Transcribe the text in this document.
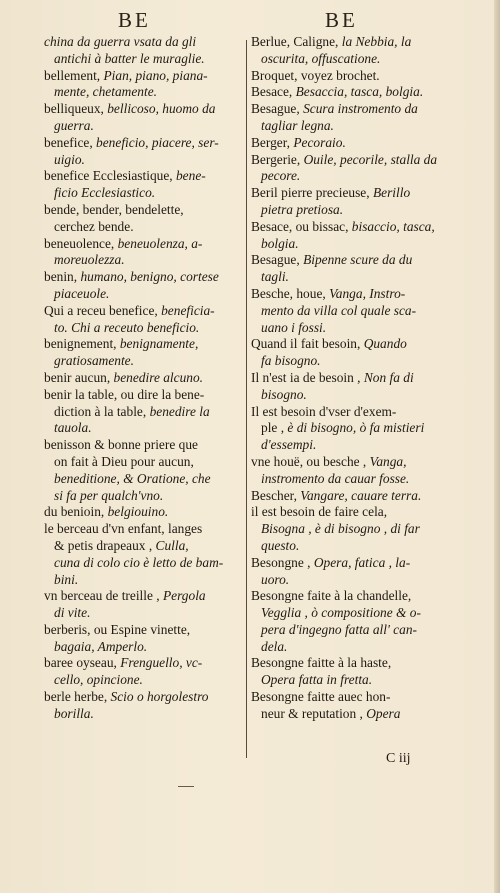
BE	BE

china da guerra vsata da gli
antichi à batter le muraglie.

bellement, Pian, piano, piana-
mente, chetamente.

belliqueux, bellicoso, huomo da
guerra.

benefice, beneficio, piacere, ser-
uigio.

benefice Ecclesiastique, bene-
ficio Ecclesiastico.

bende, bender, bendelette,
cerchez bende.

beneuolence, beneuolenza, a-
moreuolezza.

benin, humano, benigno, cortese
piaceuole.

Qui a receu benefice, beneficia-
to. Chi a receuto beneficio.

benignement, benignamente,
gratiosamente.

benir aucun, benedire alcuno.

benir la table, ou dire la bene-
diction à la table, benedire la
tauola.

benisson & bonne priere que
on fait à Dieu pour aucun,
beneditione, & Oratione, che
si fa per qualch'vno.

du benioin, belgiouino.

le berceau d'vn enfant, langes
& petis drapeaux , Culla,
cuna di colo cio è letto de bam-
bini.

vn berceau de treille , Pergola
di vite.

berberis, ou Espine vinette,
bagaia, Amperlo.

baree oyseau, Frenguello, vc-
cello, opincione.

berle herbe, Scio o horgolestro
borilla.

Berlue, Caligne, la Nebbia, la
oscurita, offuscatione.

Broquet, voyez brochet.

Besace, Besaccia, tasca, bolgia.

Besague, Scura instromento da
tagliar legna.

Berger, Pecoraio.

Bergerie, Ouile, pecorile, stalla da
pecore.

Beril pierre precieuse, Berillo
pietra pretiosa.

Besace, ou bissac, bisaccio, tasca,
bolgia.

Besague, Bipenne scure da du
tagli.

Besche, houe, Vanga, Instro-
mento da villa col quale sca-
uano i fossi.

Quand il fait besoin, Quando
fa bisogno.

Il n'est ia de besoin , Non fa di
bisogno.

Il est besoin d'vser d'exem-
ple , è di bisogno, ò fa mistieri
d'essempi.

vne houë, ou besche , Vanga,
instromento da cauar fosse.

Bescher, Vangare, cauare terra.

il est besoin de faire cela,
Bisogna , è di bisogno , di far
questo.

Besongne , Opera, fatica , la-
uoro.

Besongne faite à la chandelle,
Vegglia , ò compositione & o-
pera d'ingegno fatta all' can-
dela.

Besongne faitte à la haste,
Opera fatta in fretta.

Besongne faitte auec hon-
neur & reputation , Opera

C iij
